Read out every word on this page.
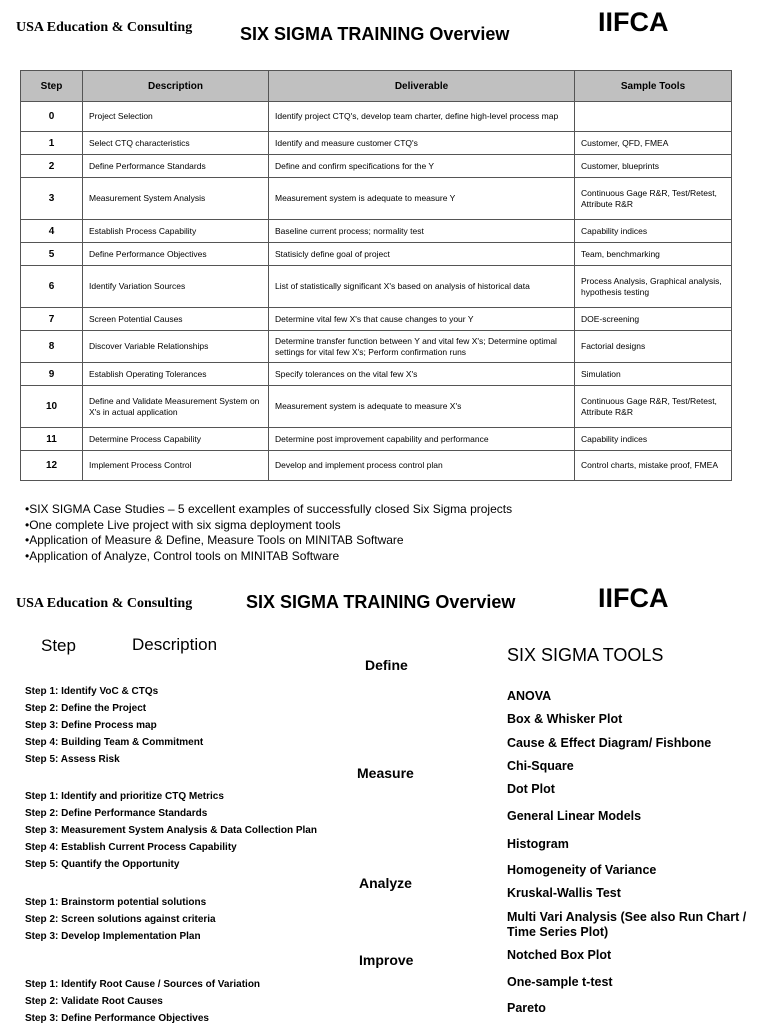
USA Education & Consulting	SIX SIGMA TRAINING Overview	IIFCA
Step	Description	Deliverable	Sample Tools
0	Project Selection	Identify project CTQ's, develop team charter, define high-level process map	
1	Select CTQ characteristics	Identify and measure customer CTQ's	Customer, QFD, FMEA
2	Define Performance Standards	Define and confirm specifications for the Y	Customer, blueprints
3	Measurement System Analysis	Measurement system is adequate to measure Y	Continuous Gage R&R, Test/Retest, Attribute R&R
4	Establish Process Capability	Baseline current process; normality test	Capability indices
5	Define Performance Objectives	Statisicly define goal of project	Team, benchmarking
6	Identify Variation Sources	List of statistically significant X's based on analysis of historical data	Process Analysis, Graphical analysis, hypothesis testing
7	Screen Potential Causes	Determine vital few X's that cause changes to your Y	DOE-screening
8	Discover Variable Relationships	Determine transfer function between Y and vital few X's; Determine optimal settings for vital few X's; Perform confirmation runs	Factorial designs
9	Establish Operating Tolerances	Specify tolerances on the vital few X's	Simulation
10	Define and Validate Measurement System on X's in actual application	Measurement system is adequate to measure X's	Continuous Gage R&R, Test/Retest, Attribute R&R
11	Determine Process Capability	Determine post improvement capability and performance	Capability indices
12	Implement Process Control	Develop and implement process control plan	Control charts, mistake proof, FMEA
•SIX SIGMA Case Studies – 5 excellent examples of successfully closed Six Sigma projects
•One complete Live project with six sigma deployment tools
•Application of Measure & Define, Measure Tools on MINITAB Software
•Application of Analyze, Control tools on MINITAB Software
USA Education & Consulting	SIX SIGMA TRAINING Overview	IIFCA
Step	Description
SIX SIGMA TOOLS
Define
Step 1: Identify VoC & CTQs
Step 2: Define the Project
Step 3: Define Process map
Step 4: Building Team & Commitment
Step 5: Assess Risk
Measure
Step 1: Identify and prioritize CTQ Metrics
Step 2: Define Performance Standards
Step 3: Measurement System Analysis & Data Collection Plan
Step 4: Establish Current Process Capability
Step 5: Quantify the Opportunity
Analyze
Step 1: Brainstorm potential solutions
Step 2: Screen solutions against criteria
Step 3: Develop Implementation Plan
Improve
Step 1: Identify Root Cause / Sources of Variation
Step 2: Validate Root Causes
Step 3: Define Performance Objectives
ANOVA
Box & Whisker Plot
Cause & Effect Diagram/ Fishbone
Chi-Square
Dot Plot
General Linear Models
Histogram
Homogeneity of Variance
Kruskal-Wallis Test
Multi Vari Analysis (See also Run Chart / Time Series Plot)
Notched Box Plot
One-sample t-test
Pareto
